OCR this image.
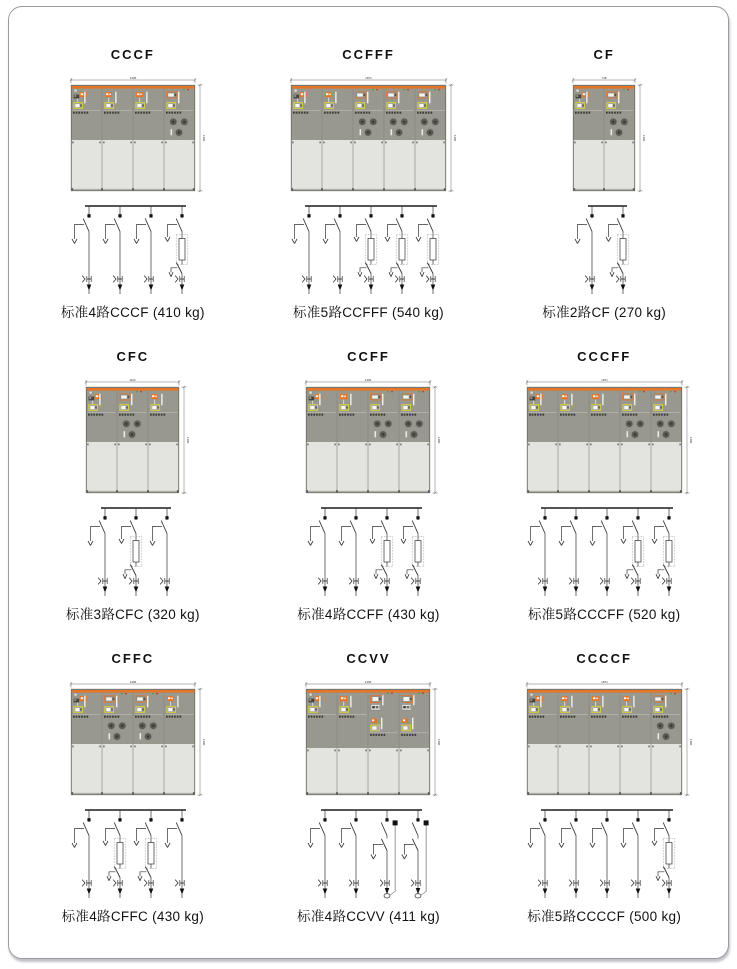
CCCF
1496
1400
标准4路CCCF (410 kg)
CCFFF
1871
1400
标准5路CCFFF (540 kg)
CF
748
1400
标准2路CF (270 kg)
CFC
1122
1400
标准3路CFC (320 kg)
CCFF
1496
1400
标准4路CCFF (430 kg)
CCCFF
1871
1400
标准5路CCCFF (520 kg)
CFFC
1496
1400
标准4路CFFC (430 kg)
CCVV
1496
1400
标准4路CCVV (411 kg)
CCCCF
1871
1400
标准5路CCCCF (500 kg)
